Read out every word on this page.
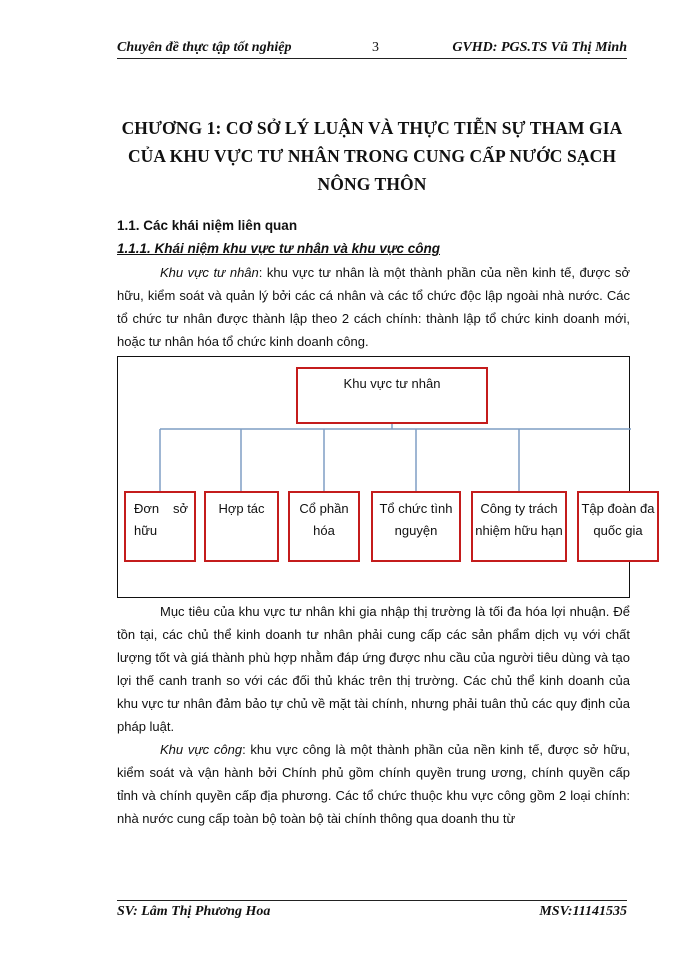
Chuyên đề thực tập tốt nghiệp	3	GVHD: PGS.TS Vũ Thị Minh
CHƯƠNG 1: CƠ SỞ LÝ LUẬN VÀ THỰC TIỄN SỰ THAM GIA CỦA KHU VỰC TƯ NHÂN TRONG CUNG CẤP NƯỚC SẠCH NÔNG THÔN
1.1. Các khái niệm liên quan
1.1.1. Khái niệm khu vực tư nhân và khu vực công
Khu vực tư nhân: khu vực tư nhân là một thành phần của nền kinh tế, được sở hữu, kiểm soát và quản lý bởi các cá nhân và các tổ chức độc lập ngoài nhà nước. Các tổ chức tư nhân được thành lập theo 2 cách chính: thành lập tổ chức kinh doanh mới, hoặc tư nhân hóa tổ chức kinh doanh công.
Khu vực tư nhân
Đơn sở hữu
Hợp tác	Cổ phần hóa
Tổ chức tình nguyện
Công ty trách nhiệm hữu hạn
Tập đoàn đa quốc gia
Mục tiêu của khu vực tư nhân khi gia nhập thị trường là tối đa hóa lợi nhuận. Để tồn tại, các chủ thể kinh doanh tư nhân phải cung cấp các sản phẩm dịch vụ với chất lượng tốt và giá thành phù hợp nhằm đáp ứng được nhu cầu của người tiêu dùng và tạo lợi thế canh tranh so với các đối thủ khác trên thị trường. Các chủ thể kinh doanh của khu vực tư nhân đảm bảo tự chủ về mặt tài chính, nhưng phải tuân thủ các quy định của pháp luật.
Khu vực công: khu vực công là một thành phần của nền kinh tế, được sở hữu, kiểm soát và vận hành bởi Chính phủ gồm chính quyền trung ương, chính quyền cấp tỉnh và chính quyền cấp địa phương. Các tổ chức thuộc khu vực công gồm 2 loại chính: nhà nước cung cấp toàn bộ toàn bộ tài chính thông qua doanh thu từ
SV: Lâm Thị Phương Hoa	MSV:11141535
